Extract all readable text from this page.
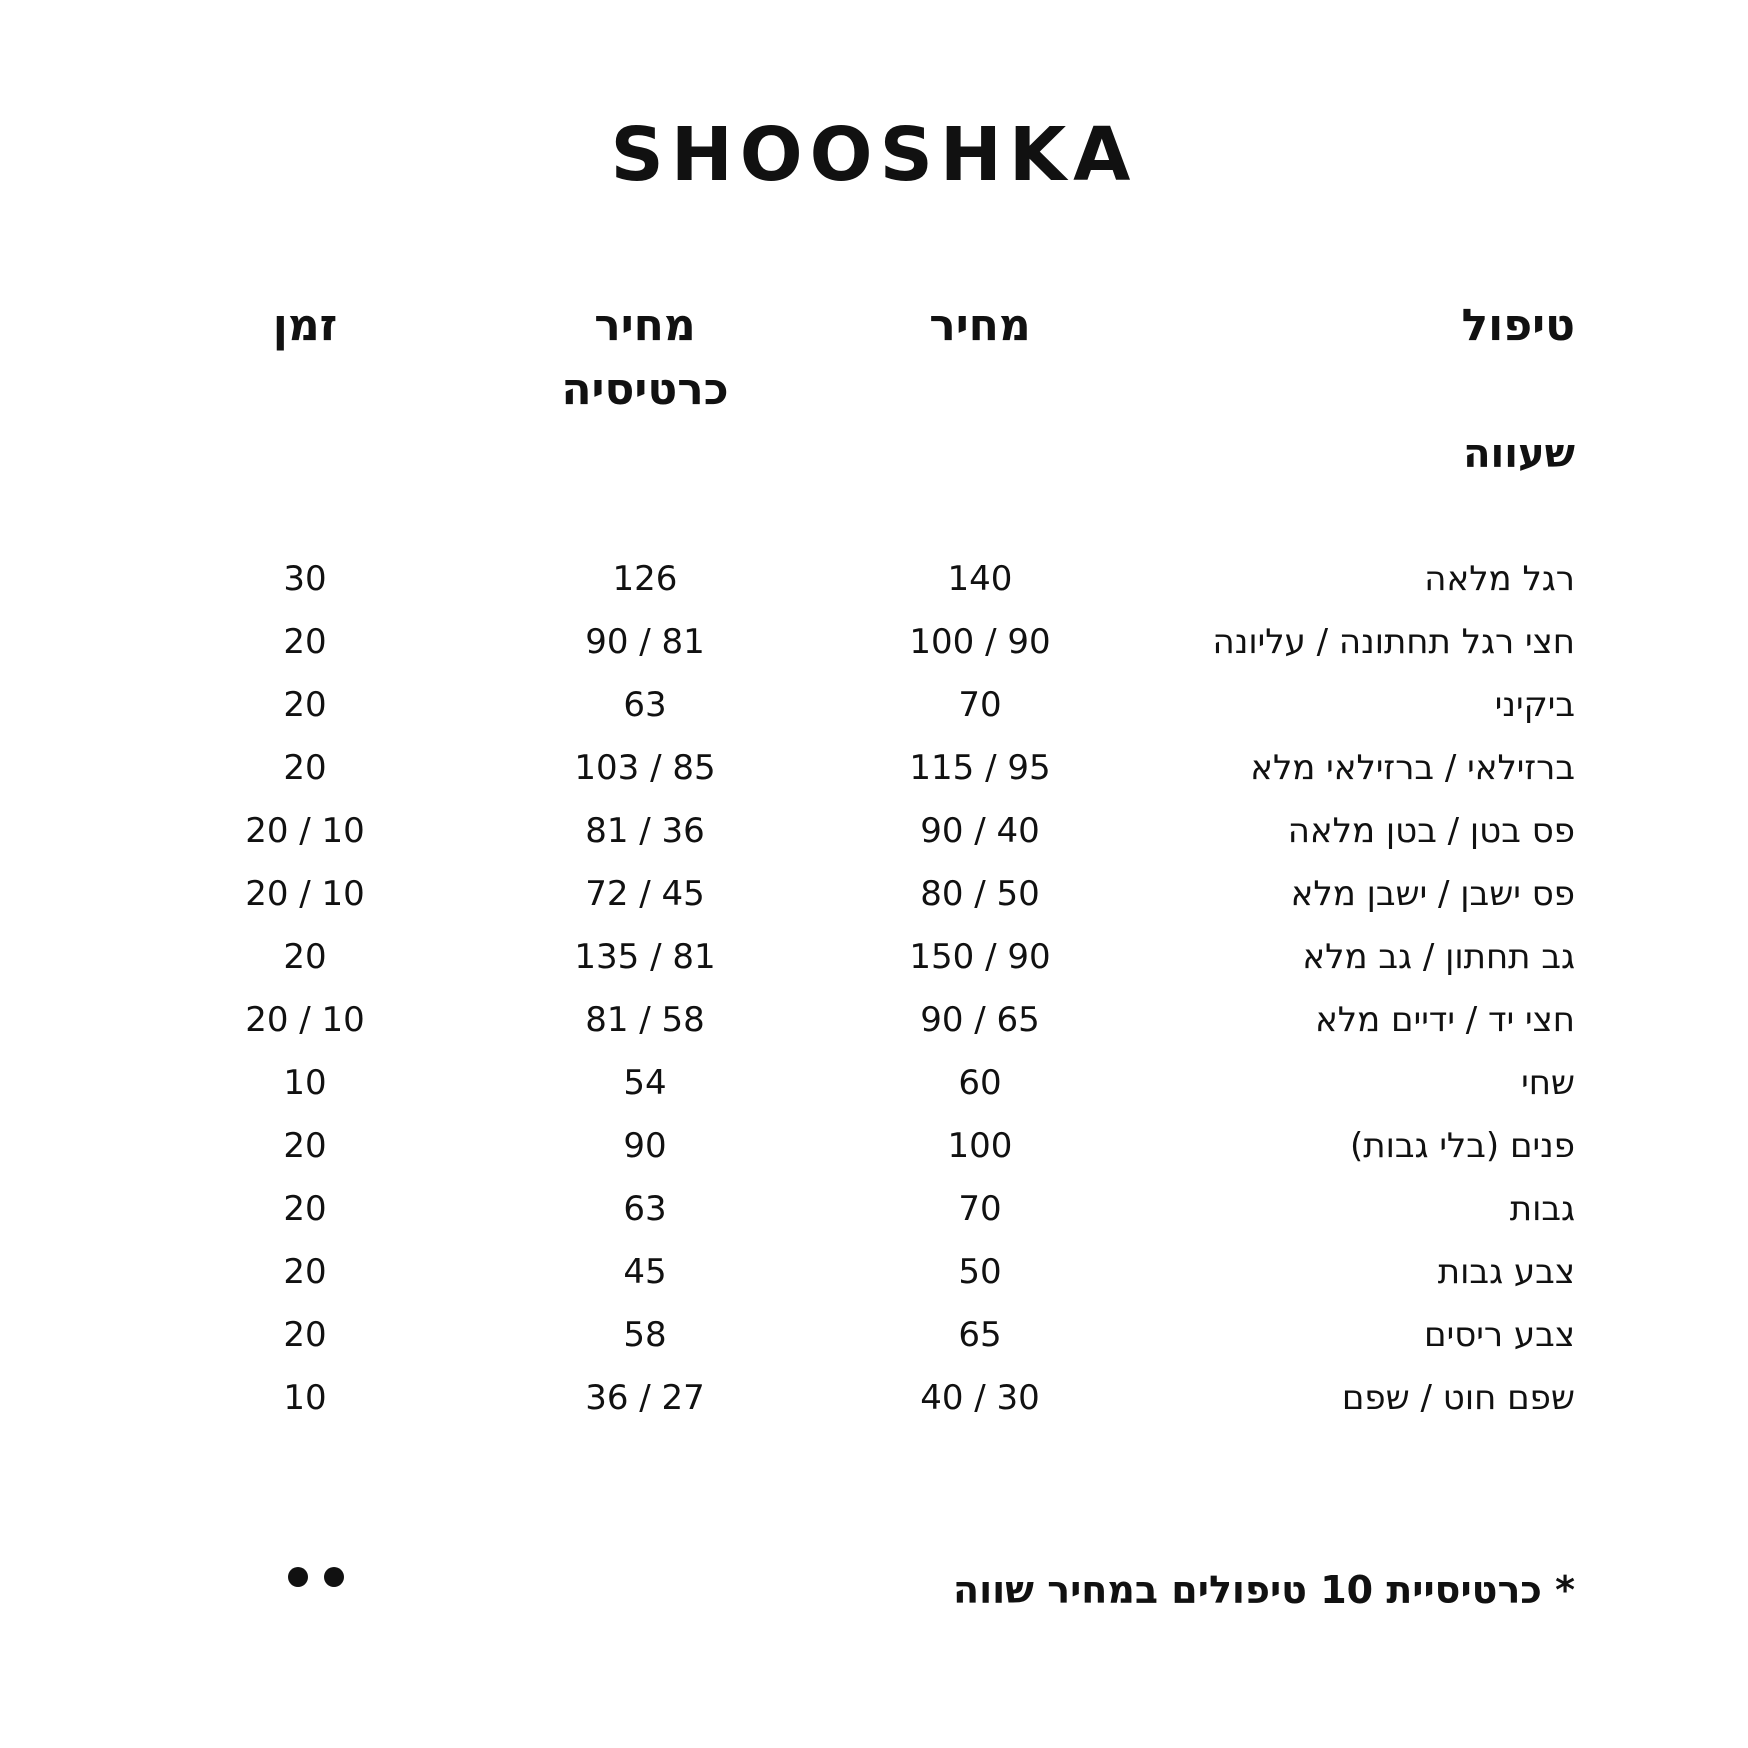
SHOOSHKA
טיפול
מחיר
מחיר
כרטיסיה
זמן
שעווה
רגל מלאה
140
126
30
חצי רגל תחתונה / עליונה
100 / 90
90 / 81
20
ביקיני
70
63
20
ברזילאי / ברזילאי מלא
115 / 95
103 / 85
20
פס בטן / בטן מלאה
90 / 40
81 / 36
20 / 10
פס ישבן / ישבן מלא
80 / 50
72 / 45
20 / 10
גב תחתון / גב מלא
150 / 90
135 / 81
20
חצי יד / ידיים מלא
90 / 65
81 / 58
20 / 10
שחי
60
54
10
פנים (בלי גבות)
100
90
20
גבות
70
63
20
צבע גבות
50
45
20
צבע ריסים
65
58
20
שפם חוט / שפם
40 / 30
36 / 27
10
* כרטיסיית 10 טיפולים במחיר שווה
